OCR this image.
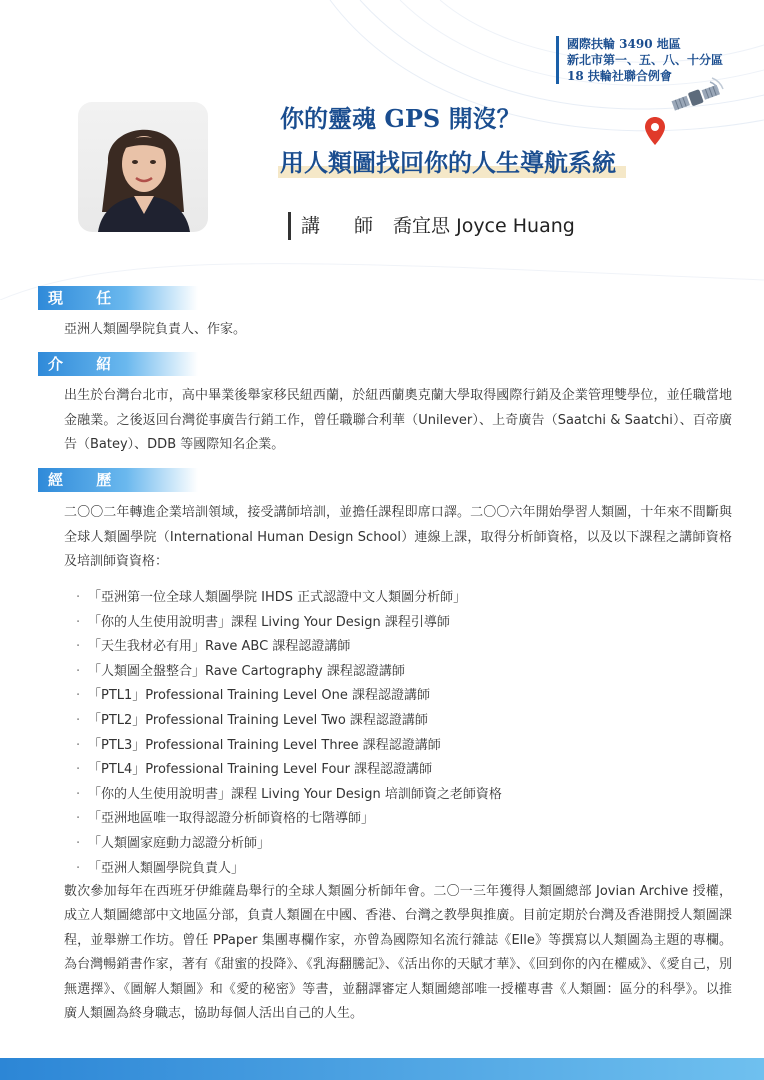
國際扶輪 3490 地區
新北市第一、五、八、十分區
18 扶輪社聯合例會
你的靈魂 GPS 開沒？
用人類圖找回你的人生導航系統
講 師 喬宜思 Joyce Huang
現 任
亞洲人類圖學院負責人、作家。
介 紹
出生於台灣台北市，高中畢業後舉家移民紐西蘭，於紐西蘭奧克蘭大學取得國際行銷及企業管理雙學位，並任職當地金融業。之後返回台灣從事廣告行銷工作，曾任職聯合利華（Unilever）、上奇廣告（Saatchi & Saatchi）、百帝廣告（Batey）、DDB 等國際知名企業。
經 歷
二〇〇二年轉進企業培訓領域，接受講師培訓，並擔任課程即席口譯。二〇〇六年開始學習人類圖，十年來不間斷與全球人類圖學院（International Human Design School）連線上課，取得分析師資格，以及以下課程之講師資格及培訓師資資格：
· 「亞洲第一位全球人類圖學院 IHDS 正式認證中文人類圖分析師」
· 「你的人生使用說明書」課程 Living Your Design 課程引導師
· 「天生我材必有用」Rave ABC 課程認證講師
· 「人類圖全盤整合」Rave Cartography 課程認證講師
· 「PTL1」Professional Training Level One 課程認證講師
· 「PTL2」Professional Training Level Two 課程認證講師
· 「PTL3」Professional Training Level Three 課程認證講師
· 「PTL4」Professional Training Level Four 課程認證講師
· 「你的人生使用說明書」課程 Living Your Design 培訓師資之老師資格
· 「亞洲地區唯一取得認證分析師資格的七階導師」
· 「人類圖家庭動力認證分析師」
· 「亞洲人類圖學院負責人」
數次參加每年在西班牙伊維薩島舉行的全球人類圖分析師年會。二〇一三年獲得人類圖總部 Jovian Archive 授權，成立人類圖總部中文地區分部，負責人類圖在中國、香港、台灣之教學與推廣。目前定期於台灣及香港開授人類圖課程，並舉辦工作坊。曾任 PPaper 集團專欄作家，亦曾為國際知名流行雜誌《Elle》等撰寫以人類圖為主題的專欄。為台灣暢銷書作家，著有《甜蜜的投降》、《乳海翻騰記》、《活出你的天賦才華》、《回到你的內在權威》、《愛自己，別無選擇》、《圖解人類圖》和《愛的秘密》等書，並翻譯審定人類圖總部唯一授權專書《人類圖：區分的科學》。以推廣人類圖為終身職志，協助每個人活出自己的人生。
